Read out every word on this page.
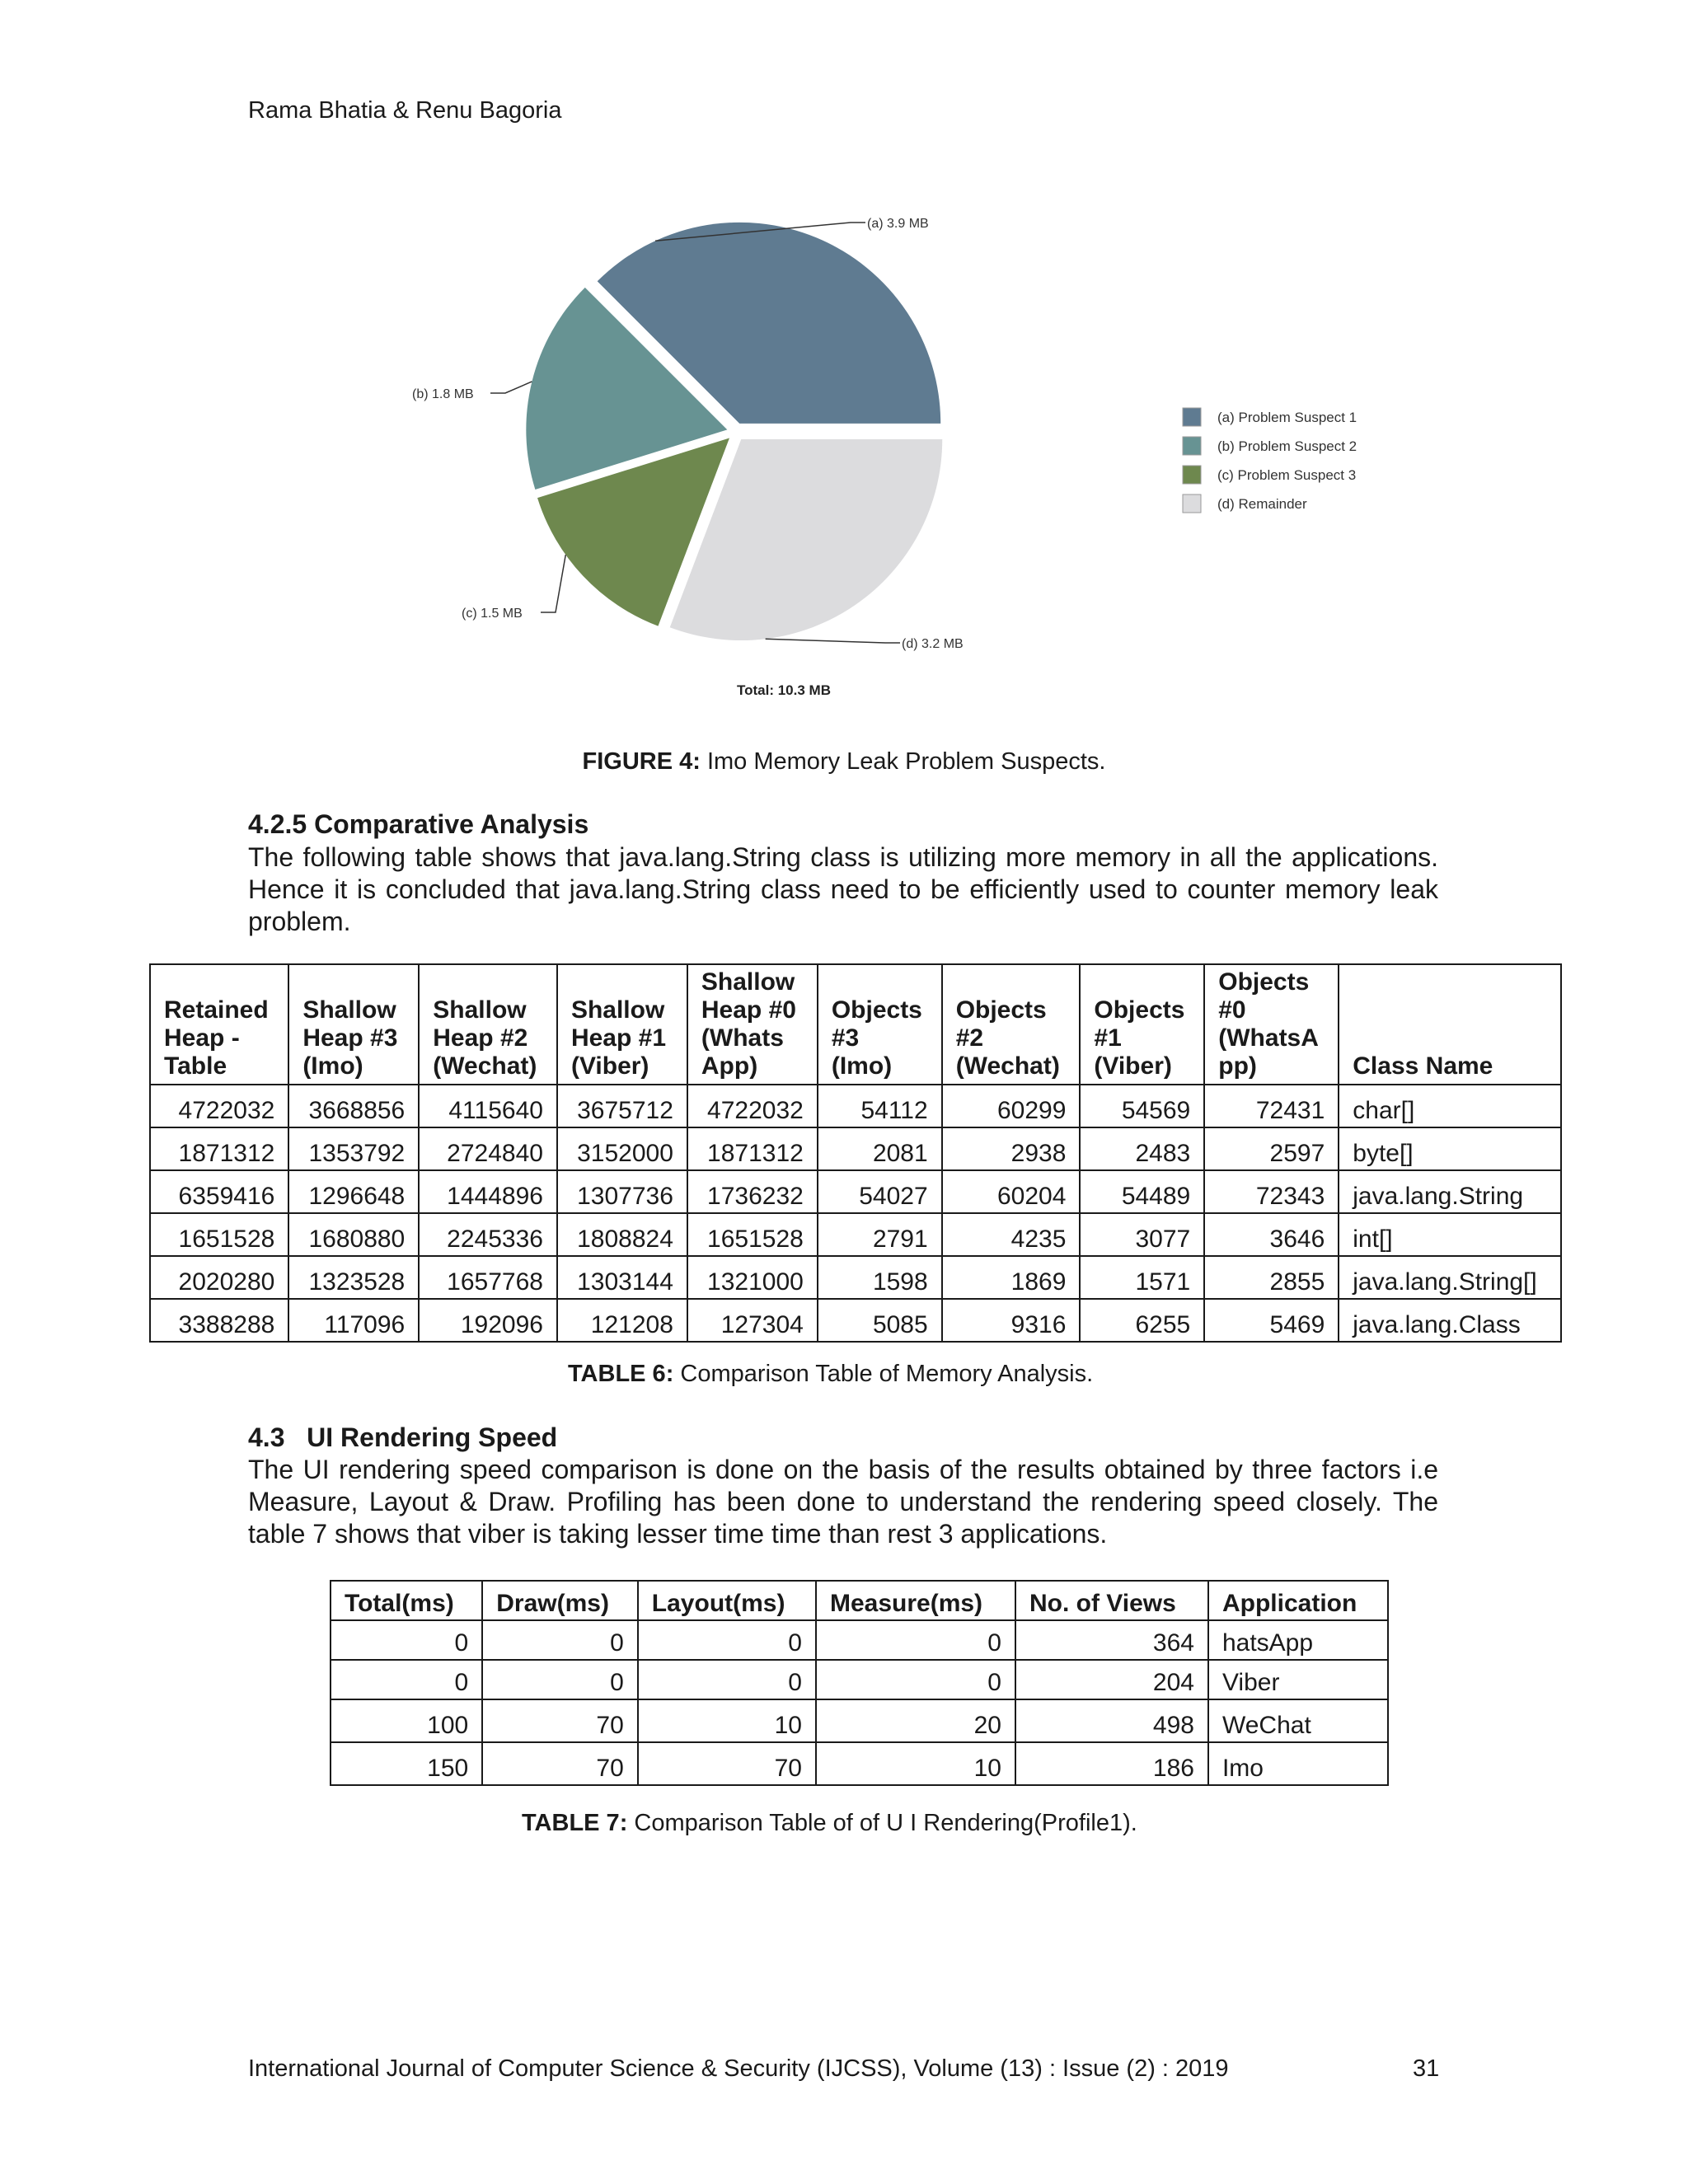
Rama Bhatia & Renu Bagoria
(a) 3.9 MB
(b) 1.8 MB
(c) 1.5 MB
(d) 3.2 MB
Total: 10.3 MB
(a) Problem Suspect 1
(b) Problem Suspect 2
(c) Problem Suspect 3
(d) Remainder
FIGURE 4: Imo Memory Leak Problem Suspects.
4.2.5 Comparative Analysis
The following table shows that java.lang.String class is utilizing more memory in all the applications. Hence it is concluded that java.lang.String class need to be efficiently used to counter memory leak problem.
Retained
Heap -
Table	Shallow
Heap #3
(Imo)	Shallow
Heap #2
(Wechat)	Shallow
Heap #1
(Viber)	Shallow
Heap #0
(Whats
App)	Objects
#3
(Imo)	Objects
#2
(Wechat)	Objects
#1
(Viber)	Objects
#0
(WhatsA
pp)	Class Name
4722032	3668856	4115640	3675712	4722032	54112	60299	54569	72431	char[]
1871312	1353792	2724840	3152000	1871312	2081	2938	2483	2597	byte[]
6359416	1296648	1444896	1307736	1736232	54027	60204	54489	72343	java.lang.String
1651528	1680880	2245336	1808824	1651528	2791	4235	3077	3646	int[]
2020280	1323528	1657768	1303144	1321000	1598	1869	1571	2855	java.lang.String[]
3388288	117096	192096	121208	127304	5085	9316	6255	5469	java.lang.Class
TABLE 6: Comparison Table of Memory Analysis.
4.3   UI Rendering Speed
The UI rendering speed comparison is done on the basis of the results obtained by three factors i.e Measure, Layout & Draw. Profiling has been done to understand the rendering speed closely. The table 7 shows that viber is taking lesser time time than rest 3 applications.
Total(ms)	Draw(ms)	Layout(ms)	Measure(ms)	No. of Views	Application
0	0	0	0	364	hatsApp
0	0	0	0	204	Viber
100	70	10	20	498	WeChat
150	70	70	10	186	Imo
TABLE 7: Comparison Table of of U I Rendering(Profile1).
International Journal of Computer Science & Security (IJCSS), Volume (13) : Issue (2) : 2019	31
